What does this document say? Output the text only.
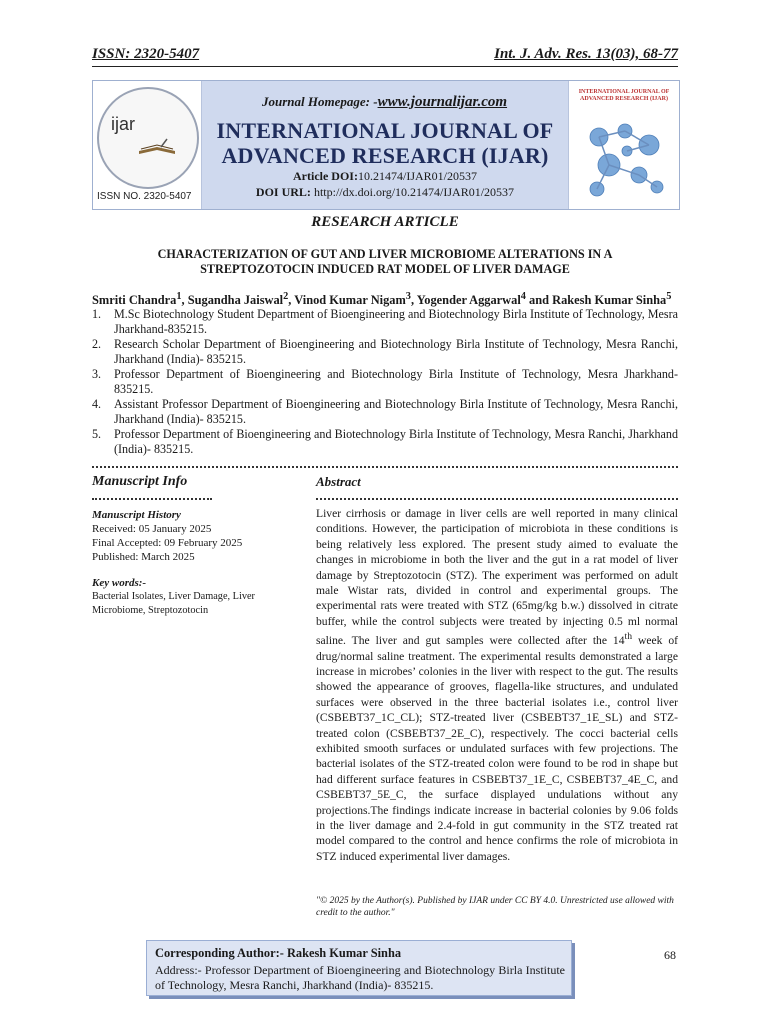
ISSN: 2320-5407	Int. J. Adv. Res. 13(03), 68-77
ijar
ISSN NO. 2320-5407
INTERNATIONAL JOURNAL OF ADVANCED RESEARCH (IJAR)
Journal Homepage: -www.journalijar.com
INTERNATIONAL JOURNAL OF
ADVANCED RESEARCH (IJAR)
Article DOI:10.21474/IJAR01/20537
DOI URL: http://dx.doi.org/10.21474/IJAR01/20537
RESEARCH ARTICLE
CHARACTERIZATION OF GUT AND LIVER MICROBIOME ALTERATIONS IN A
STREPTOZOTOCIN INDUCED RAT MODEL OF LIVER DAMAGE
Smriti Chandra$^1$, Sugandha Jaiswal$^2$, Vinod Kumar Nigam$^3$, Yogender Aggarwal$^4$ and Rakesh Kumar Sinha$^5$
1. M.Sc Biotechnology Student Department of Bioengineering and Biotechnology Birla Institute of Technology, Mesra Jharkhand-835215.
2. Research Scholar Department of Bioengineering and Biotechnology Birla Institute of Technology, Mesra Ranchi, Jharkhand (India)- 835215.
3. Professor Department of Bioengineering and Biotechnology Birla Institute of Technology, Mesra Jharkhand-835215.
4. Assistant Professor Department of Bioengineering and Biotechnology Birla Institute of Technology, Mesra Ranchi, Jharkhand (India)- 835215.
5. Professor Department of Bioengineering and Biotechnology Birla Institute of Technology, Mesra Ranchi, Jharkhand (India)- 835215.
Manuscript Info	Abstract
Manuscript History
Received: 05 January 2025
Final Accepted: 09 February 2025
Published: March 2025
Key words:-
Bacterial Isolates, Liver Damage, Liver Microbiome, Streptozotocin
Liver cirrhosis or damage in liver cells are well reported in many clinical conditions. However, the participation of microbiota in these conditions is being relatively less explored. The present study aimed to evaluate the changes in microbiome in both the liver and the gut in a rat model of liver damage by Streptozotocin (STZ). The experiment was performed on adult male Wistar rats, divided in control and experimental groups. The experimental rats were treated with STZ (65mg/kg b.w.) dissolved in citrate buffer, while the control subjects were treated by injecting 0.5 ml normal saline. The liver and gut samples were collected after the 14th week of drug/normal saline treatment. The experimental results demonstrated a large increase in microbes’ colonies in the liver with respect to the gut. The results showed the appearance of grooves, flagella-like structures, and undulated surfaces were observed in the three bacterial isolates i.e., control liver (CSBEBT37_1C_CL); STZ-treated liver (CSBEBT37_1E_SL) and STZ-treated colon (CSBEBT37_2E_C), respectively. The cocci bacterial cells exhibited smooth surfaces or undulated surfaces with few projections. The bacterial isolates of the STZ-treated colon were found to be rod in shape but had different surface features in CSBEBT37_1E_C, CSBEBT37_4E_C, and CSBEBT37_5E_C, the surface displayed undulations without any projections.The findings indicate increase in bacterial colonies by 9.06 folds in the liver damage and 2.4-fold in gut community in the STZ treated rat model compared to the control and hence confirms the role of microbiota in STZ induced experimental liver damages.
"© 2025 by the Author(s). Published by IJAR under CC BY 4.0. Unrestricted use allowed with credit to the author."
Corresponding Author:- Rakesh Kumar Sinha
Address:- Professor Department of Bioengineering and Biotechnology Birla Institute of Technology, Mesra Ranchi, Jharkhand (India)- 835215.
68
